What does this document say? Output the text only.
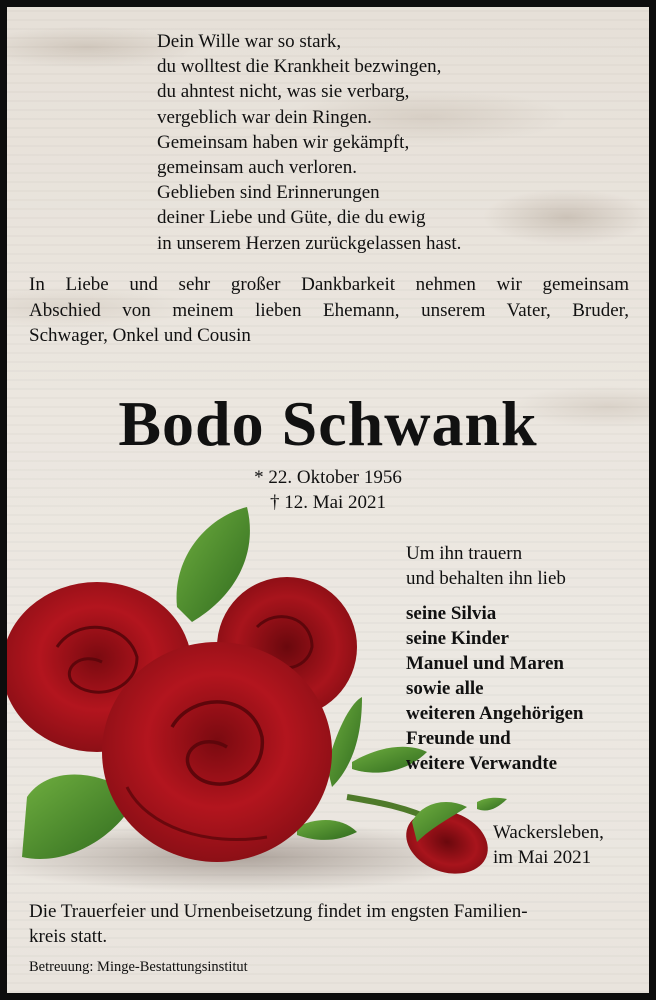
Dein Wille war so stark,
du wolltest die Krankheit bezwingen,
du ahntest nicht, was sie verbarg,
vergeblich war dein Ringen.
Gemeinsam haben wir gekämpft,
gemeinsam auch verloren.
Geblieben sind Erinnerungen
deiner Liebe und Güte, die du ewig
in unserem Herzen zurückgelassen hast.
In Liebe und sehr großer Dankbarkeit nehmen wir gemeinsam
Abschied von meinem lieben Ehemann, unserem Vater, Bruder,
Schwager, Onkel und Cousin
Bodo Schwank
* 22. Oktober 1956
† 12. Mai 2021
Um ihn trauern
und behalten ihn lieb
seine Silvia
seine Kinder
Manuel und Maren
sowie alle
weiteren Angehörigen
Freunde und
weitere Verwandte
Wackersleben,
im Mai 2021
Die Trauerfeier und Urnenbeisetzung findet im engsten Familien-
kreis statt.
Betreuung: Minge-Bestattungsinstitut
